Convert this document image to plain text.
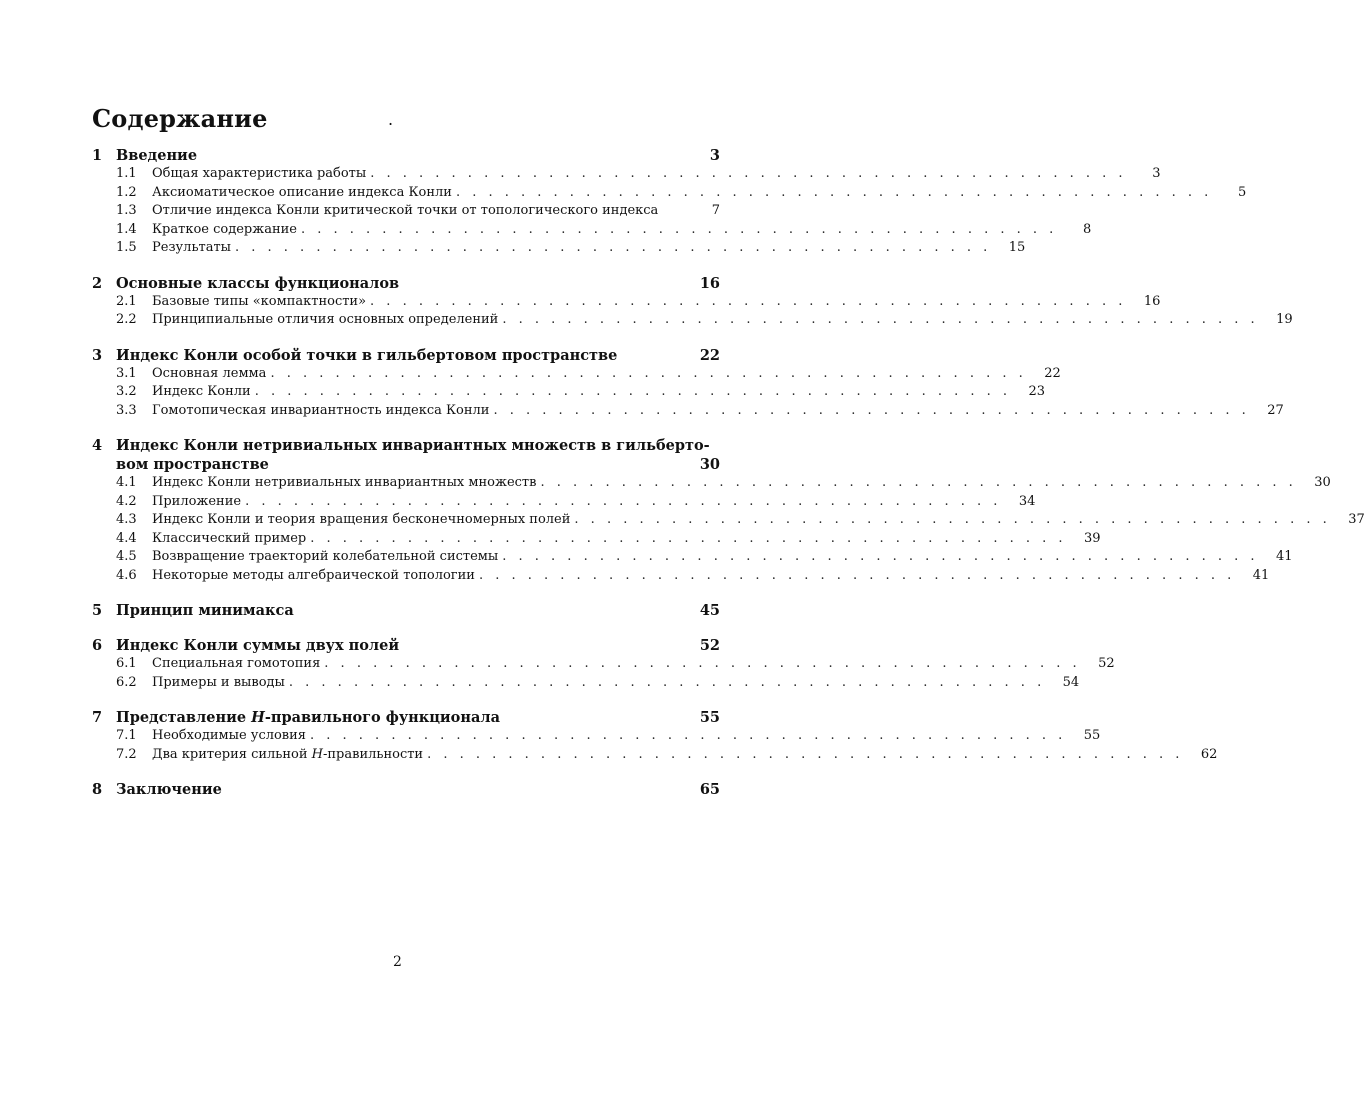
Содержание	.
1 Введение	3
1.1	Общая характеристика работы . . . . . . . . . . . . . . . . . . . . . . . . . . . . . . . . . . . . . . . . . . . . . . .	3
1.2	Аксиоматическое описание индекса Конли . . . . . . . . . . . . . . . . . . . . . . . . . . . . . . . . . . . . . . . . . . . . . . .	5
1.3	Отличие индекса Конли критической точки от топологического индекса	7
1.4	Краткое содержание . . . . . . . . . . . . . . . . . . . . . . . . . . . . . . . . . . . . . . . . . . . . . . .	8
1.5	Результаты . . . . . . . . . . . . . . . . . . . . . . . . . . . . . . . . . . . . . . . . . . . . . . .	15
2 Основные классы функционалов	16
2.1	Базовые типы «компактности» . . . . . . . . . . . . . . . . . . . . . . . . . . . . . . . . . . . . . . . . . . . . . . .	16
2.2	Принципиальные отличия основных определений . . . . . . . . . . . . . . . . . . . . . . . . . . . . . . . . . . . . . . . . . . . . . . .	19
3 Индекс Конли особой точки в гильбертовом пространстве	22
3.1	Основная лемма . . . . . . . . . . . . . . . . . . . . . . . . . . . . . . . . . . . . . . . . . . . . . . .	22
3.2	Индекс Конли . . . . . . . . . . . . . . . . . . . . . . . . . . . . . . . . . . . . . . . . . . . . . . .	23
3.3	Гомотопическая инвариантность индекса Конли . . . . . . . . . . . . . . . . . . . . . . . . . . . . . . . . . . . . . . . . . . . . . . .	27
4 Индекс Конли нетривиальных инвариантных множеств в гильберто-
вом пространстве	30
4.1	Индекс Конли нетривиальных инвариантных множеств . . . . . . . . . . . . . . . . . . . . . . . . . . . . . . . . . . . . . . . . . . . . . . .	30
4.2	Приложение . . . . . . . . . . . . . . . . . . . . . . . . . . . . . . . . . . . . . . . . . . . . . . .	34
4.3	Индекс Конли и теория вращения бесконечномерных полей . . . . . . . . . . . . . . . . . . . . . . . . . . . . . . . . . . . . . . . . . . . . . . .	37
4.4	Классический пример . . . . . . . . . . . . . . . . . . . . . . . . . . . . . . . . . . . . . . . . . . . . . . .	39
4.5	Возвращение траекторий колебательной системы . . . . . . . . . . . . . . . . . . . . . . . . . . . . . . . . . . . . . . . . . . . . . . .	41
4.6	Некоторые методы алгебраической топологии . . . . . . . . . . . . . . . . . . . . . . . . . . . . . . . . . . . . . . . . . . . . . . .	41
5 Принцип минимакса	45
6 Индекс Конли суммы двух полей	52
6.1	Специальная гомотопия . . . . . . . . . . . . . . . . . . . . . . . . . . . . . . . . . . . . . . . . . . . . . . .	52
6.2	Примеры и выводы . . . . . . . . . . . . . . . . . . . . . . . . . . . . . . . . . . . . . . . . . . . . . . .	54
7 Представление H-правильного функционала	55
7.1	Необходимые условия . . . . . . . . . . . . . . . . . . . . . . . . . . . . . . . . . . . . . . . . . . . . . . .	55
7.2	Два критерия сильной H-правильности . . . . . . . . . . . . . . . . . . . . . . . . . . . . . . . . . . . . . . . . . . . . . . .	62
8 Заключение	65
2
